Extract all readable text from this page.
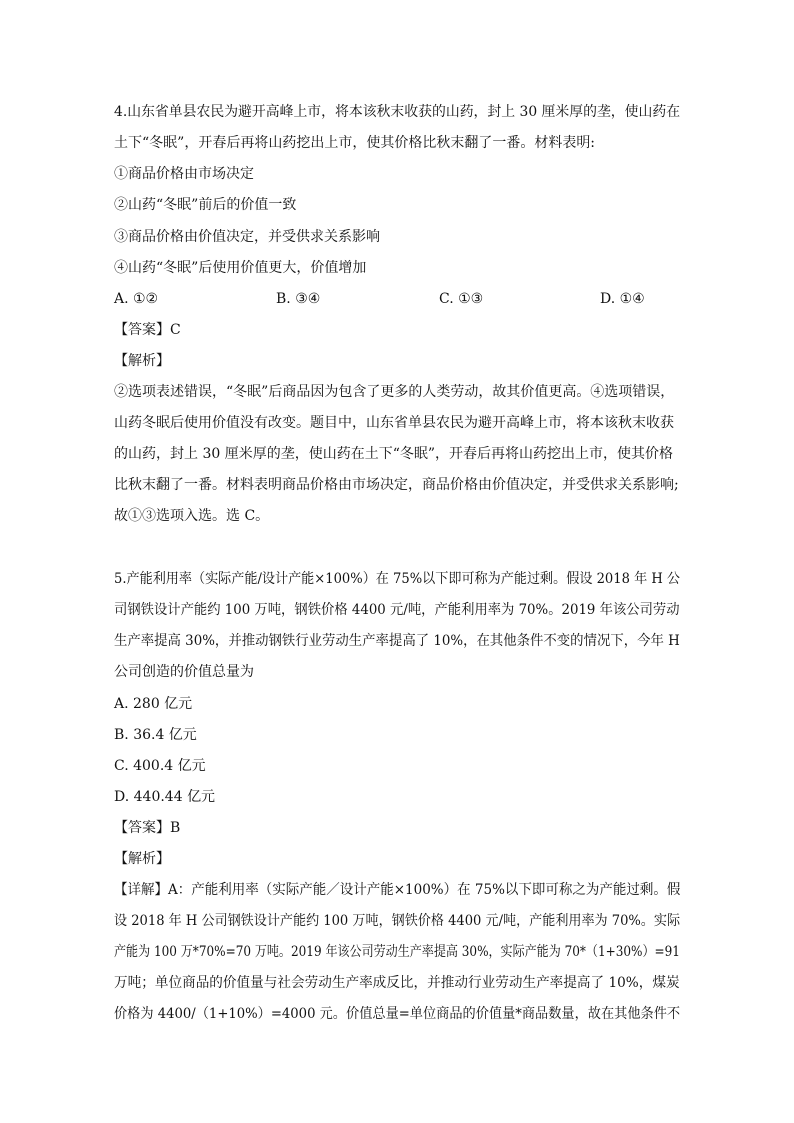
4.山东省单县农民为避开高峰上市，将本该秋末收获的山药，封上 30 厘米厚的垄，使山药在
土下“冬眠”，开春后再将山药挖出上市，使其价格比秋末翻了一番。材料表明:
①商品价格由市场决定
②山药“冬眠”前后的价值一致
③商品价格由价值决定，并受供求关系影响
④山药“冬眠”后使用价值更大，价值增加
A. ①②	B. ③④	C. ①③	D. ①④
【答案】C
【解析】
②选项表述错误，“冬眠”后商品因为包含了更多的人类劳动，故其价值更高。④选项错误，
山药冬眠后使用价值没有改变。题目中，山东省单县农民为避开高峰上市，将本该秋末收获
的山药，封上 30 厘米厚的垄，使山药在土下“冬眠”，开春后再将山药挖出上市，使其价格
比秋末翻了一番。材料表明商品价格由市场决定，商品价格由价值决定，并受供求关系影响;
故①③选项入选。选 C。
5.产能利用率（实际产能/设计产能×100%）在 75%以下即可称为产能过剩。假设 2018 年 H 公
司钢铁设计产能约 100 万吨，钢铁价格 4400 元/吨，产能利用率为 70%。2019 年该公司劳动
生产率提高 30%，并推动钢铁行业劳动生产率提高了 10%，在其他条件不变的情况下，今年 H
公司创造的价值总量为
A. 280 亿元
B. 36.4 亿元
C. 400.4 亿元
D. 440.44 亿元
【答案】B
【解析】
【详解】A：产能利用率（实际产能／设计产能×100%）在 75%以下即可称之为产能过剩。假
设 2018 年 H 公司钢铁设计产能约 100 万吨，钢铁价格 4400 元/吨，产能利用率为 70%。实际
产能为 100 万*70%=70 万吨。2019 年该公司劳动生产率提高 30%，实际产能为 70*（1+30%）=91
万吨；单位商品的价值量与社会劳动生产率成反比，并推动行业劳动生产率提高了 10%，煤炭
价格为 4400/（1+10%）=4000 元。价值总量=单位商品的价值量*商品数量，故在其他条件不
